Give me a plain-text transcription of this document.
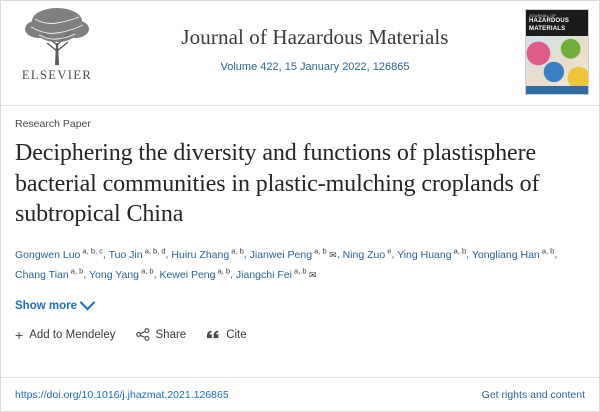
ELSEVIER
Journal of Hazardous Materials
Volume 422, 15 January 2022, 126865
JOURNAL OF
HAZARDOUS
MATERIALS
Research Paper
Deciphering the diversity and functions of plastisphere bacterial communities in plastic-mulching croplands of subtropical China
Gongwen Luo $^{a, b, c}$, Tuo Jin $^{a, b, d}$, Huiru Zhang $^{a, b}$, Jianwei Peng $^{a, b}$ ✉, Ning Zuo $^e$, Ying Huang $^{a, b}$, Yongliang Han $^{a, b}$, Chang Tian $^{a, b}$, Yong Yang $^{a, b}$, Kewei Peng $^{a, b}$, Jiangchi Fei $^{a, b}$ ✉
Show more
+ Add to Mendeley	Share	Cite
https://doi.org/10.1016/j.jhazmat.2021.126865	Get rights and content
